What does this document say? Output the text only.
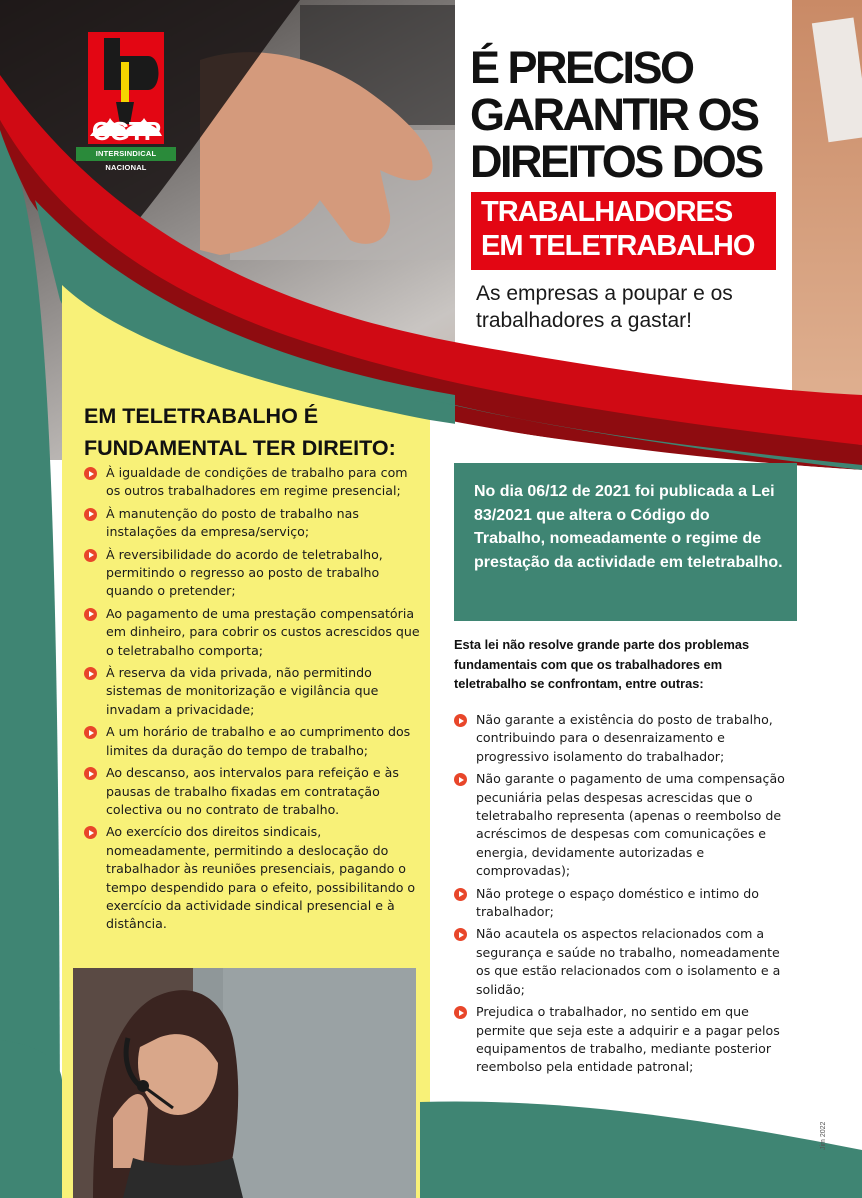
CGTP
INTERSINDICAL NACIONAL
É PRECISO
GARANTIR OS
DIREITOS DOS
TRABALHADORES
EM TELETRABALHO
As empresas a poupar e os trabalhadores a gastar!
EM TELETRABALHO É
FUNDAMENTAL TER DIREITO:
À igualdade de condições de trabalho para com os outros trabalhadores em regime presencial;
À manutenção do posto de trabalho nas instalações da empresa/serviço;
À reversibilidade do acordo de teletrabalho, permitindo o regresso ao posto de trabalho quando o pretender;
Ao pagamento de uma prestação compensatória em dinheiro, para cobrir os custos acrescidos que o teletrabalho comporta;
À reserva da vida privada, não permitindo sistemas de monitorização e vigilância que invadam a privacidade;
A um horário de trabalho e ao cumprimento dos limites da duração do tempo de trabalho;
Ao descanso, aos intervalos para refeição e às pausas de trabalho fixadas em contratação colectiva ou no contrato de trabalho.
Ao exercício dos direitos sindicais, nomeadamente, permitindo a deslocação do trabalhador às reuniões presenciais, pagando o tempo despendido para o efeito, possibilitando o exercício da actividade sindical presencial e à distância.

No dia 06/12 de 2021 foi publicada a Lei 83/2021 que altera o Código do Trabalho, nomeadamente o regime de prestação da actividade em teletrabalho.

Esta lei não resolve grande parte dos problemas fundamentais com que os trabalhadores em teletrabalho se confrontam, entre outras:

Não garante a existência do posto de trabalho, contribuindo para o desenraizamento e progressivo isolamento do trabalhador;
Não garante o pagamento de uma compensação pecuniária pelas despesas acrescidas que o teletrabalho representa (apenas o reembolso de acréscimos de despesas com comunicações e energia, devidamente autorizadas e comprovadas);
Não protege o espaço doméstico e intimo do trabalhador;
Não acautela os aspectos relacionados com a segurança e saúde no trabalho, nomeadamente os que estão relacionados com o isolamento e a solidão;
Prejudica o trabalhador, no sentido em que permite que seja este a adquirir e a pagar pelos equipamentos de trabalho, mediante posterior reembolso pela entidade patronal;
Jim 2022
